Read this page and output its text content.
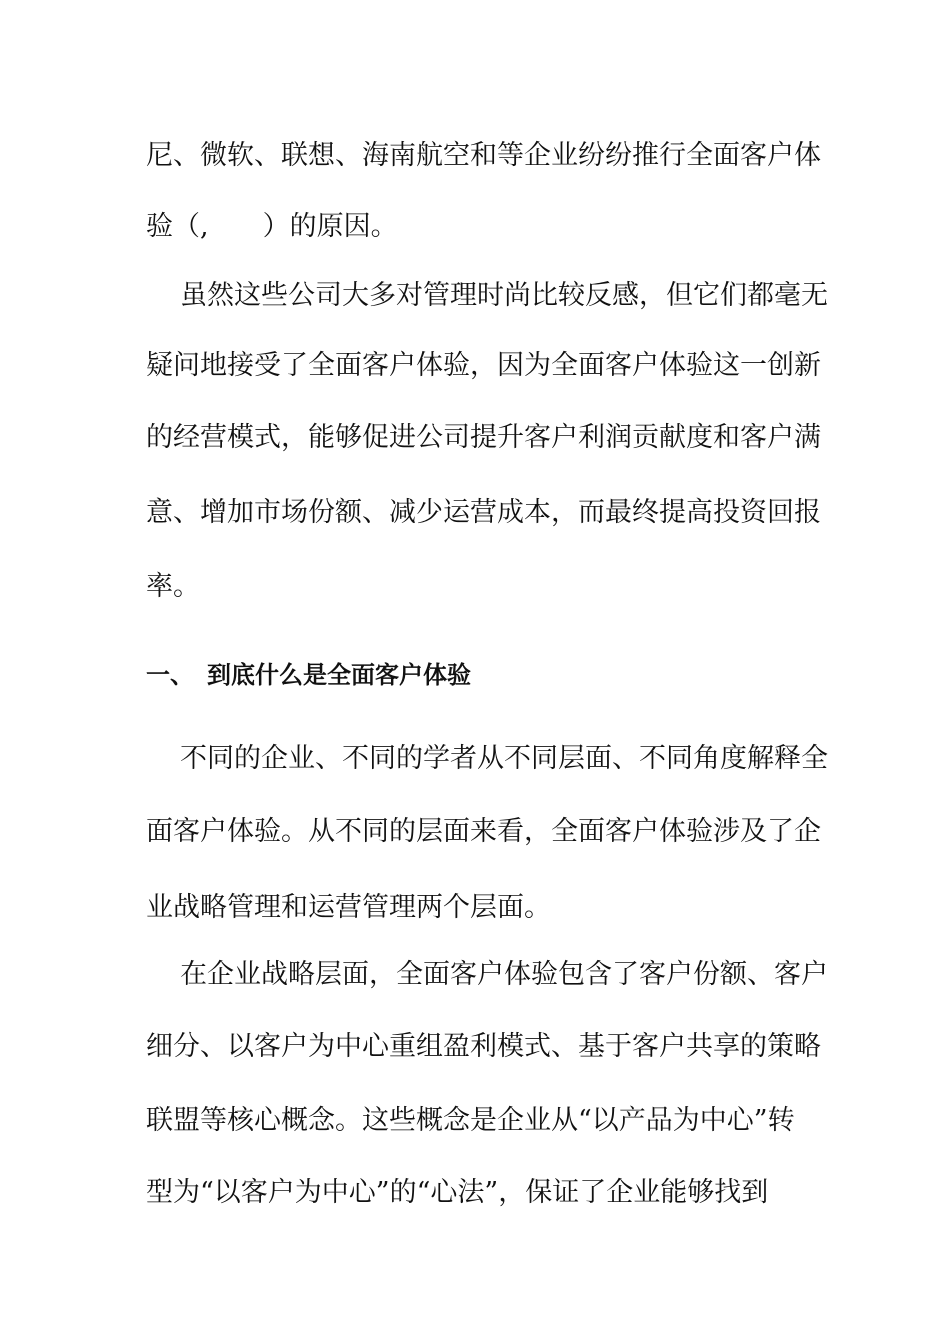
尼、微软、联想、海南航空和等企业纷纷推行全面客户体
验（,　　）的原因。
虽然这些公司大多对管理时尚比较反感，但它们都毫无
疑问地接受了全面客户体验，因为全面客户体验这一创新
的经营模式，能够促进公司提升客户利润贡献度和客户满
意、增加市场份额、减少运营成本，而最终提高投资回报
率。
一、 到底什么是全面客户体验
不同的企业、不同的学者从不同层面、不同角度解释全
面客户体验。从不同的层面来看，全面客户体验涉及了企
业战略管理和运营管理两个层面。
在企业战略层面，全面客户体验包含了客户份额、客户
细分、以客户为中心重组盈利模式、基于客户共享的策略
联盟等核心概念。这些概念是企业从“以产品为中心”转
型为“以客户为中心”的“心法”，保证了企业能够找到
